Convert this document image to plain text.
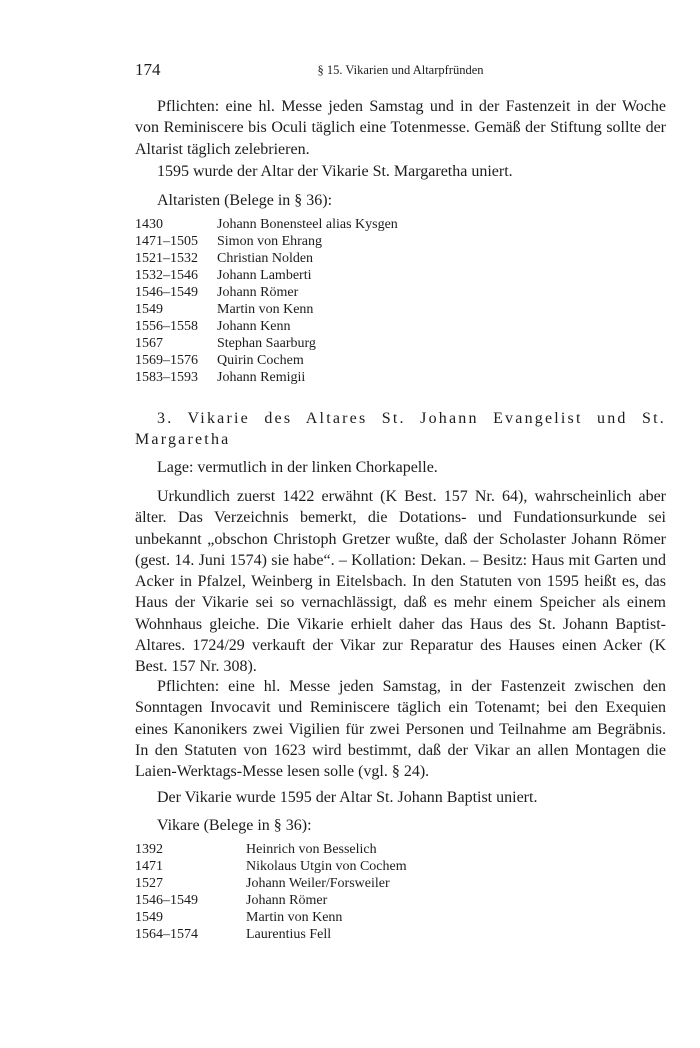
174	§ 15. Vikarien und Altarpfründen

Pflichten: eine hl. Messe jeden Samstag und in der Fastenzeit in der Woche von Reminiscere bis Oculi täglich eine Totenmesse. Gemäß der Stiftung sollte der Altarist täglich zelebrieren.

1595 wurde der Altar der Vikarie St. Margaretha uniert.

Altaristen (Belege in § 36):

1430	Johann Bonensteel alias Kysgen
1471–1505	Simon von Ehrang
1521–1532	Christian Nolden
1532–1546	Johann Lamberti
1546–1549	Johann Römer
1549	Martin von Kenn
1556–1558	Johann Kenn
1567	Stephan Saarburg
1569–1576	Quirin Cochem
1583–1593	Johann Remigii

3. Vikarie des Altares St. Johann Evangelist und St. Margaretha

Lage: vermutlich in der linken Chorkapelle.

Urkundlich zuerst 1422 erwähnt (K Best. 157 Nr. 64), wahrscheinlich aber älter. Das Verzeichnis bemerkt, die Dotations- und Fundationsurkunde sei unbekannt „obschon Christoph Gretzer wußte, daß der Scholaster Johann Römer (gest. 14. Juni 1574) sie habe“. – Kollation: Dekan. – Besitz: Haus mit Garten und Acker in Pfalzel, Weinberg in Eitelsbach. In den Statuten von 1595 heißt es, das Haus der Vikarie sei so vernachlässigt, daß es mehr einem Speicher als einem Wohnhaus gleiche. Die Vikarie erhielt daher das Haus des St. Johann Baptist-Altares. 1724/29 verkauft der Vikar zur Reparatur des Hauses einen Acker (K Best. 157 Nr. 308).

Pflichten: eine hl. Messe jeden Samstag, in der Fastenzeit zwischen den Sonntagen Invocavit und Reminiscere täglich ein Totenamt; bei den Exequien eines Kanonikers zwei Vigilien für zwei Personen und Teilnahme am Begräbnis. In den Statuten von 1623 wird bestimmt, daß der Vikar an allen Montagen die Laien-Werktags-Messe lesen solle (vgl. § 24).

Der Vikarie wurde 1595 der Altar St. Johann Baptist uniert.

Vikare (Belege in § 36):

1392	Heinrich von Besselich
1471	Nikolaus Utgin von Cochem
1527	Johann Weiler/Forsweiler
1546–1549	Johann Römer
1549	Martin von Kenn
1564–1574	Laurentius Fell
